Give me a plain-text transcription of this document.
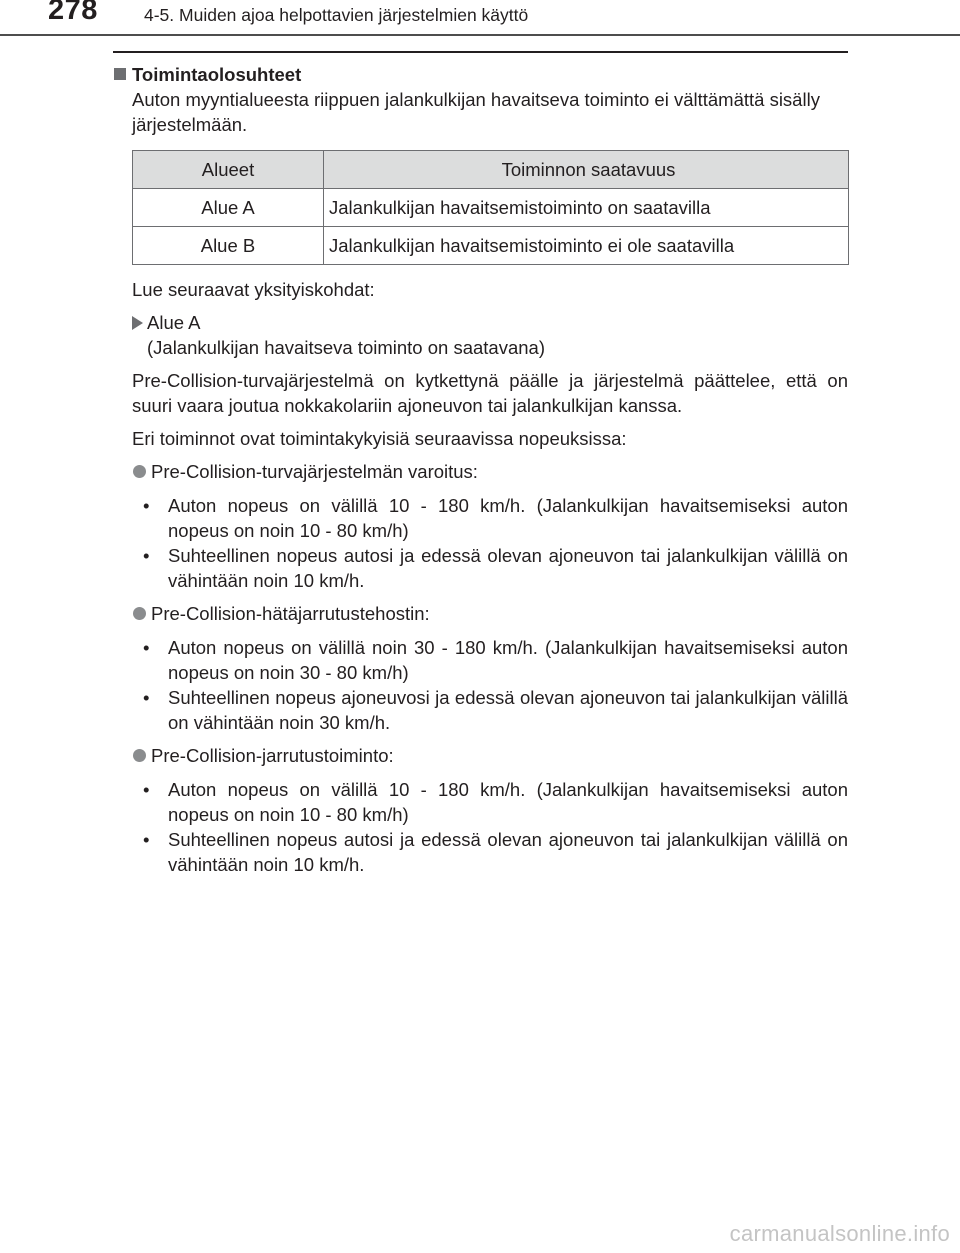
278	4-5. Muiden ajoa helpottavien järjestelmien käyttö
Toimintaolosuhteet
Auton myyntialueesta riippuen jalankulkijan havaitseva toiminto ei välttämättä sisälly järjestelmään.
Alueet	Toiminnon saatavuus
Alue A	Jalankulkijan havaitsemistoiminto on saatavilla
Alue B	Jalankulkijan havaitsemistoiminto ei ole saatavilla
Lue seuraavat yksityiskohdat:
Alue A
(Jalankulkijan havaitseva toiminto on saatavana)
Pre-Collision-turvajärjestelmä on kytkettynä päälle ja järjestelmä päättelee, että on suuri vaara joutua nokkakolariin ajoneuvon tai jalankulkijan kanssa.
Eri toiminnot ovat toimintakykyisiä seuraavissa nopeuksissa:
Pre-Collision-turvajärjestelmän varoitus:
• Auton nopeus on välillä 10 - 180 km/h. (Jalankulkijan havaitsemiseksi auton nopeus on noin 10 - 80 km/h)
• Suhteellinen nopeus autosi ja edessä olevan ajoneuvon tai jalankulkijan välillä on vähintään noin 10 km/h.
Pre-Collision-hätäjarrutustehostin:
• Auton nopeus on välillä noin 30 - 180 km/h. (Jalankulkijan havaitsemiseksi auton nopeus on noin 30 - 80 km/h)
• Suhteellinen nopeus ajoneuvosi ja edessä olevan ajoneuvon tai jalankulkijan välillä on vähintään noin 30 km/h.
Pre-Collision-jarrutustoiminto:
• Auton nopeus on välillä 10 - 180 km/h. (Jalankulkijan havaitsemiseksi auton nopeus on noin 10 - 80 km/h)
• Suhteellinen nopeus autosi ja edessä olevan ajoneuvon tai jalankulkijan välillä on vähintään noin 10 km/h.
carmanualsonline.info
